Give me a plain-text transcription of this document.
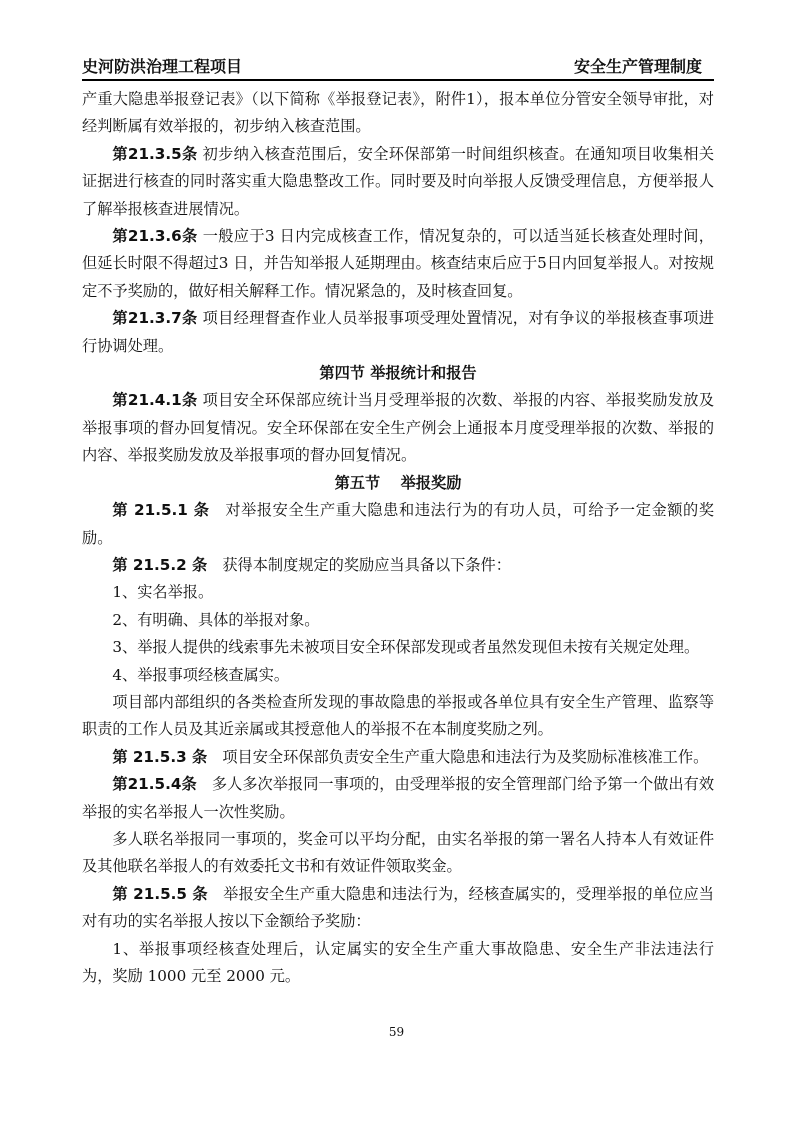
史河防洪治理工程项目	安全生产管理制度

产重大隐患举报登记表》（以下简称《举报登记表》，附件1），报本单位分管安全领导审批，对经判断属有效举报的，初步纳入核查范围。

第21.3.5条 初步纳入核查范围后，安全环保部第一时间组织核查。在通知项目收集相关证据进行核查的同时落实重大隐患整改工作。同时要及时向举报人反馈受理信息，方便举报人了解举报核查进展情况。

第21.3.6条 一般应于3 日内完成核查工作，情况复杂的，可以适当延长核查处理时间，但延长时限不得超过3 日，并告知举报人延期理由。核查结束后应于5日内回复举报人。对按规定不予奖励的，做好相关解释工作。情况紧急的，及时核查回复。

第21.3.7条 项目经理督查作业人员举报事项受理处置情况，对有争议的举报核查事项进行协调处理。

第四节 举报统计和报告

第21.4.1条 项目安全环保部应统计当月受理举报的次数、举报的内容、举报奖励发放及举报事项的督办回复情况。安全环保部在安全生产例会上通报本月度受理举报的次数、举报的内容、举报奖励发放及举报事项的督办回复情况。

第五节　 举报奖励

第 21.5.1 条　对举报安全生产重大隐患和违法行为的有功人员，可给予一定金额的奖励。

第 21.5.2 条　获得本制度规定的奖励应当具备以下条件：

1、实名举报。

2、有明确、具体的举报对象。

3、举报人提供的线索事先未被项目安全环保部发现或者虽然发现但未按有关规定处理。

4、举报事项经核查属实。

项目部内部组织的各类检查所发现的事故隐患的举报或各单位具有安全生产管理、监察等职责的工作人员及其近亲属或其授意他人的举报不在本制度奖励之列。

第 21.5.3 条　项目安全环保部负责安全生产重大隐患和违法行为及奖励标准核准工作。

第21.5.4条　多人多次举报同一事项的，由受理举报的安全管理部门给予第一个做出有效举报的实名举报人一次性奖励。

多人联名举报同一事项的，奖金可以平均分配，由实名举报的第一署名人持本人有效证件及其他联名举报人的有效委托文书和有效证件领取奖金。

第 21.5.5 条　举报安全生产重大隐患和违法行为，经核查属实的，受理举报的单位应当对有功的实名举报人按以下金额给予奖励：

1、举报事项经核查处理后，认定属实的安全生产重大事故隐患、安全生产非法违法行为，奖励 1000 元至 2000 元。

59
